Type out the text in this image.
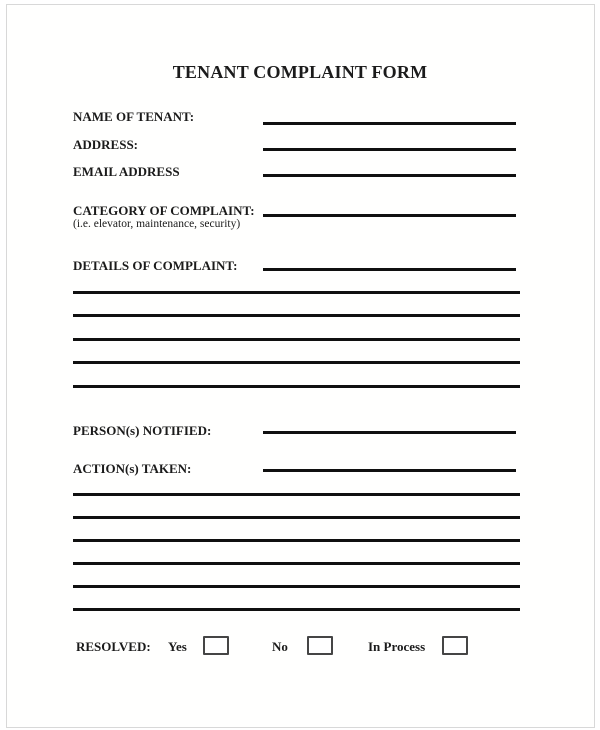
TENANT COMPLAINT FORM
NAME OF TENANT:
ADDRESS:
EMAIL ADDRESS
CATEGORY OF COMPLAINT:
(i.e. elevator, maintenance, security)
DETAILS OF COMPLAINT:
PERSON(s) NOTIFIED:
ACTION(s) TAKEN:
RESOLVED: Yes	No	In Process
